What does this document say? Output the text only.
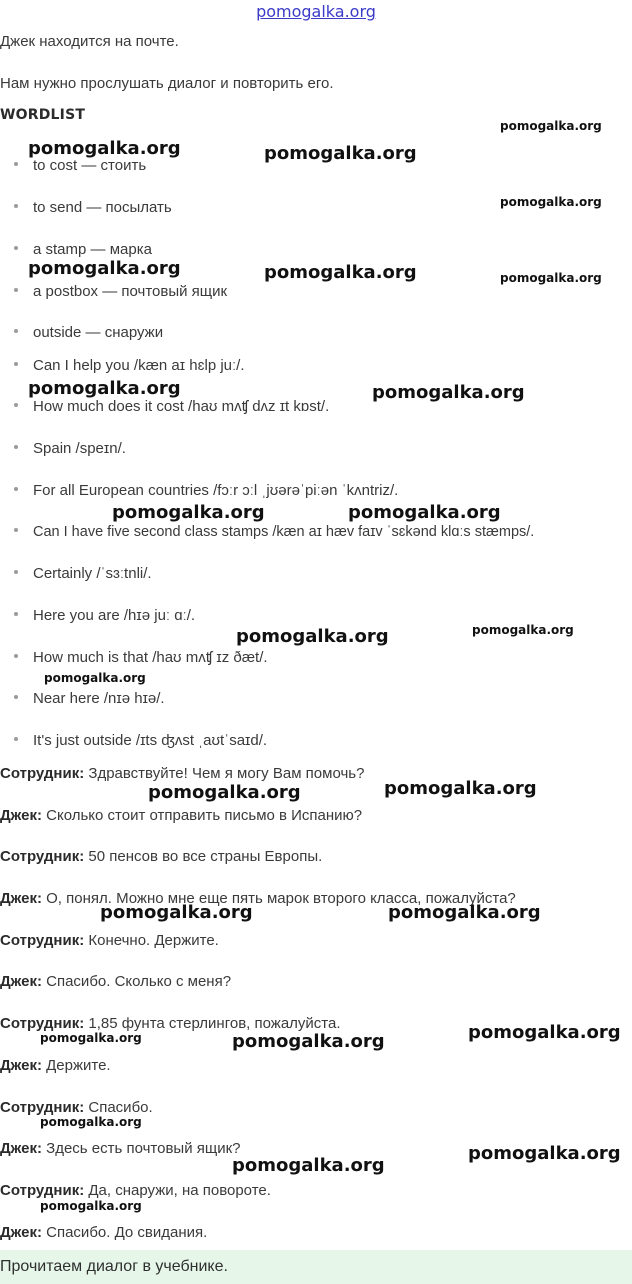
pomogalka.org
Джек находится на почте.
Нам нужно прослушать диалог и повторить его.
WORDLIST
to cost — стоить
to send — посылать
a stamp — марка
a postbox — почтовый ящик
outside — снаружи
Can I help you /kæn aɪ hɛlp juː/.
How much does it cost /haʊ mʌʧ dʌz ɪt kɒst/.
Spain /speɪn/.
For all European countries /fɔːr ɔːl ˌjʊərəˈpiːən ˈkʌntriz/.
Can I have five second class stamps /kæn aɪ hæv faɪv ˈsɛkənd klɑːs stæmps/.
Certainly /ˈsɜːtnli/.
Here you are /hɪə juː ɑː/.
How much is that /haʊ mʌʧ ɪz ðæt/.
Near here /nɪə hɪə/.
It's just outside /ɪts ʤʌst ˌaʊtˈsaɪd/.
Сотрудник: Здравствуйте! Чем я могу Вам помочь?
Джек: Сколько стоит отправить письмо в Испанию?
Сотрудник: 50 пенсов во все страны Европы.
Джек: О, понял. Можно мне еще пять марок второго класса, пожалуйста?
Сотрудник: Конечно. Держите.
Джек: Спасибо. Сколько с меня?
Сотрудник: 1,85 фунта стерлингов, пожалуйста.
Джек: Держите.
Сотрудник: Спасибо.
Джек: Здесь есть почтовый ящик?
Сотрудник: Да, снаружи, на повороте.
Джек: Спасибо. До свидания.
Прочитаем диалог в учебнике.
pomogalka.org
pomogalka.org	pomogalka.org
pomogalka.org
pomogalka.org	pomogalka.org	pomogalka.org
pomogalka.org	pomogalka.org
pomogalka.org	pomogalka.org
pomogalka.org
pomogalka.org
pomogalka.org
pomogalka.org	pomogalka.org
pomogalka.org	pomogalka.org
pomogalka.org
pomogalka.org	pomogalka.org
pomogalka.org
pomogalka.org
pomogalka.org
pomogalka.org
